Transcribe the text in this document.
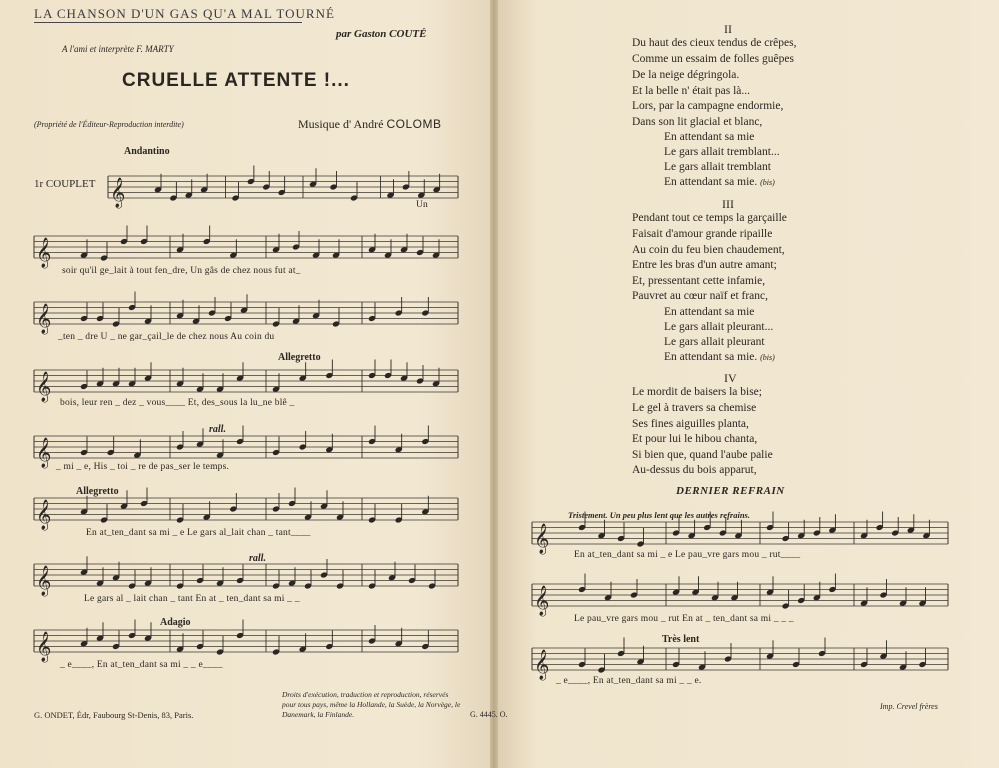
LA CHANSON D'UN GAS QU'A MAL TOURNÉ
par Gaston COUTÉ
A l'ami et interprète F. MARTY
CRUELLE ATTENTE !...
(Propriété de l'Éditeur-Reproduction interdite)	Musique d' André COLOMB
1r COUPLET
Andantino
Allegretto
rall.
Allegretto
rall.
Adagio
𝄞
𝄞
𝄞
𝄞
𝄞
𝄞
𝄞
𝄞
Un
soir qu'il ge_lait à tout fen_dre, Un gâs de chez nous fut at_
_ten _ dre U _ ne gar_çail_le de chez nous Au coin du
bois, leur ren _ dez _ vous____ Et, des_sous la lu_ne blê _
_ mi _ e, His _ toi _ re de pas_ser le temps.
En at_ten_dant sa mi _ e Le gars al_lait chan _ tant____
Le gars al _ lait chan _ tant En at _ ten_dant sa mi _ _
_ e____, En at_ten_dant sa mi _ _ e____
G. ONDET, Édr, Faubourg St-Denis, 83, Paris.
Droits d'exécution, traduction et reproduction, réservés pour tous pays, même la Hollande, la Suède, la Norvège, le Danemark, la Finlande.	G. 4445. O.
II
Du haut des cieux tendus de crêpes,
Comme un essaim de folles guêpes
De la neige dégringola.
Et la belle n' était pas là...
Lors, par la campagne endormie,
Dans son lit glacial et blanc,
En attendant sa mie
Le gars allait tremblant...
Le gars allait tremblant
En attendant sa mie. (bis)
III
Pendant tout ce temps la garçaille
Faisait d'amour grande ripaille
Au coin du feu bien chaudement,
Entre les bras d'un autre amant;
Et, pressentant cette infamie,
Pauvret au cœur naïf et franc,
En attendant sa mie
Le gars allait pleurant...
Le gars allait pleurant
En attendant sa mie. (bis)
IV
Le mordit de baisers la bise;
Le gel à travers sa chemise
Ses fines aiguilles planta,
Et pour lui le hibou chanta,
Si bien que, quand l'aube palie
Au-dessus du bois apparut,
DERNIER REFRAIN
Tristement. Un peu plus lent que les autres refrains.
Très lent
𝄞
𝄞
𝄞
En at_ten_dant sa mi _ e Le pau_vre gars mou _ rut____
Le pau_vre gars mou _ rut En at _ ten_dant sa mi _ _ _
_ e____, En at_ten_dant sa mi _ _ e.
Imp. Crevel frères
